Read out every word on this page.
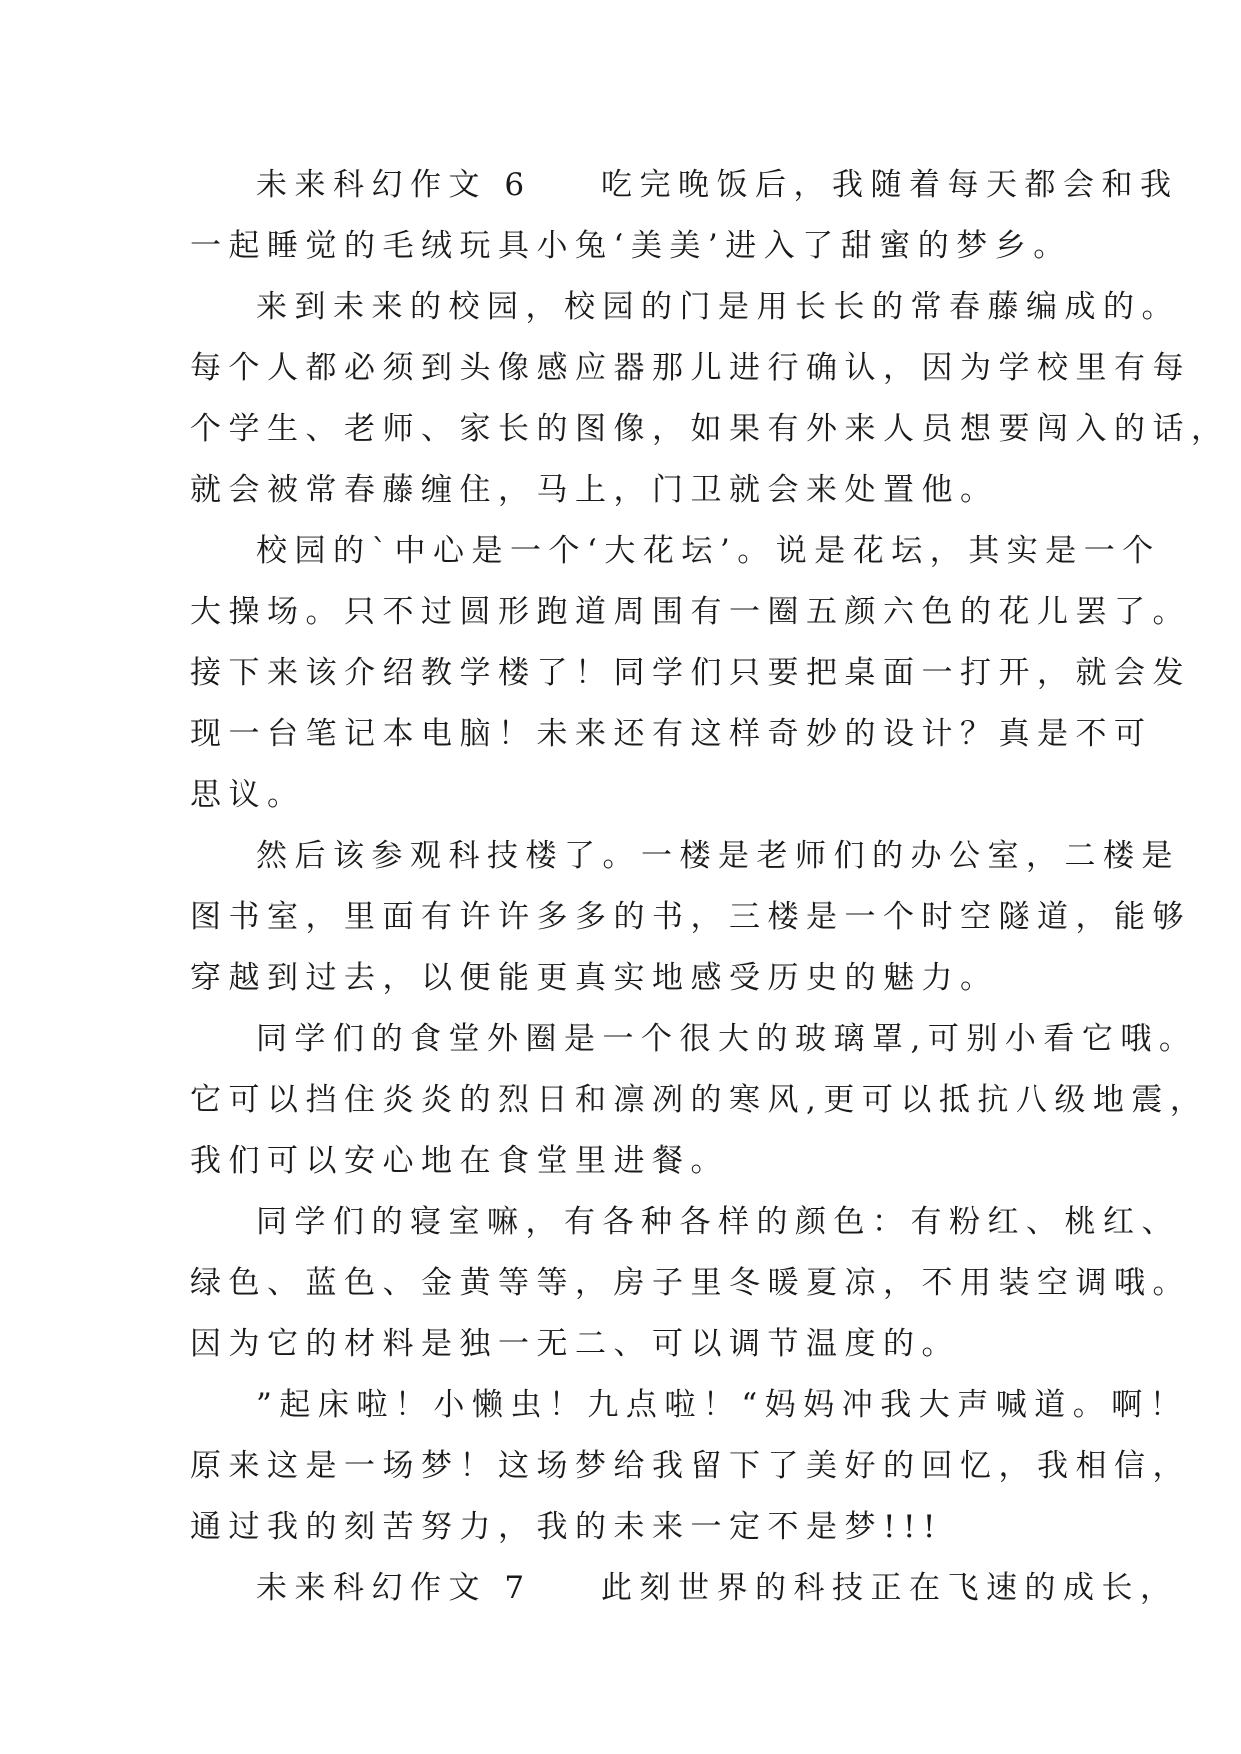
未来科幻作文 6    吃完晚饭后，我随着每天都会和我
一起睡觉的毛绒玩具小兔‘美美’进入了甜蜜的梦乡。
来到未来的校园，校园的门是用长长的常春藤编成的。
每个人都必须到头像感应器那儿进行确认，因为学校里有每
个学生、老师、家长的图像，如果有外来人员想要闯入的话，
就会被常春藤缠住，马上，门卫就会来处置他。
校园的`中心是一个‘大花坛’。说是花坛，其实是一个
大操场。只不过圆形跑道周围有一圈五颜六色的花儿罢了。
接下来该介绍教学楼了！同学们只要把桌面一打开，就会发
现一台笔记本电脑！未来还有这样奇妙的设计？真是不可
思议。
然后该参观科技楼了。一楼是老师们的办公室，二楼是
图书室，里面有许许多多的书，三楼是一个时空隧道，能够
穿越到过去，以便能更真实地感受历史的魅力。
同学们的食堂外圈是一个很大的玻璃罩,可别小看它哦。
它可以挡住炎炎的烈日和凛冽的寒风,更可以抵抗八级地震，
我们可以安心地在食堂里进餐。
同学们的寝室嘛，有各种各样的颜色：有粉红、桃红、
绿色、蓝色、金黄等等，房子里冬暖夏凉，不用装空调哦。
因为它的材料是独一无二、可以调节温度的。
”起床啦！小懒虫！九点啦！“妈妈冲我大声喊道。啊！
原来这是一场梦！这场梦给我留下了美好的回忆，我相信，
通过我的刻苦努力，我的未来一定不是梦!!!
未来科幻作文 7    此刻世界的科技正在飞速的成长，
